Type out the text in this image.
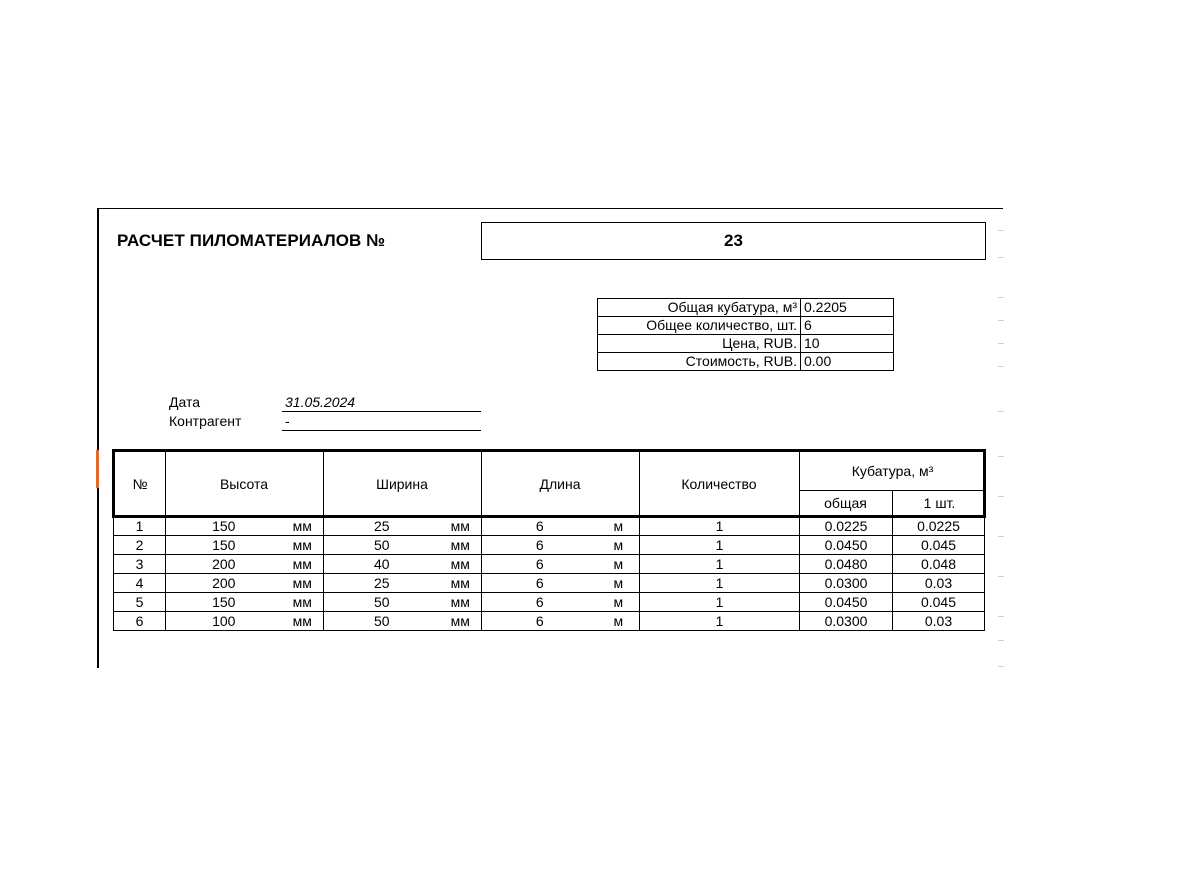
РАСЧЕТ ПИЛОМАТЕРИАЛОВ №	23
Общая кубатура, м³	0.2205
Общее количество, шт.	6
Цена, RUB.	10
Стоимость, RUB.	0.00
Дата	31.05.2024
Контрагент	-
№	Высота	Ширина	Длина	Количество
Кубатура, м³
общая	1 шт.
1	150	мм	25	мм	6	м	1	0.0225	0.0225
2	150	мм	50	мм	6	м	1	0.0450	0.045
3	200	мм	40	мм	6	м	1	0.0480	0.048
4	200	мм	25	мм	6	м	1	0.0300	0.03
5	150	мм	50	мм	6	м	1	0.0450	0.045
6	100	мм	50	мм	6	м	1	0.0300	0.03
